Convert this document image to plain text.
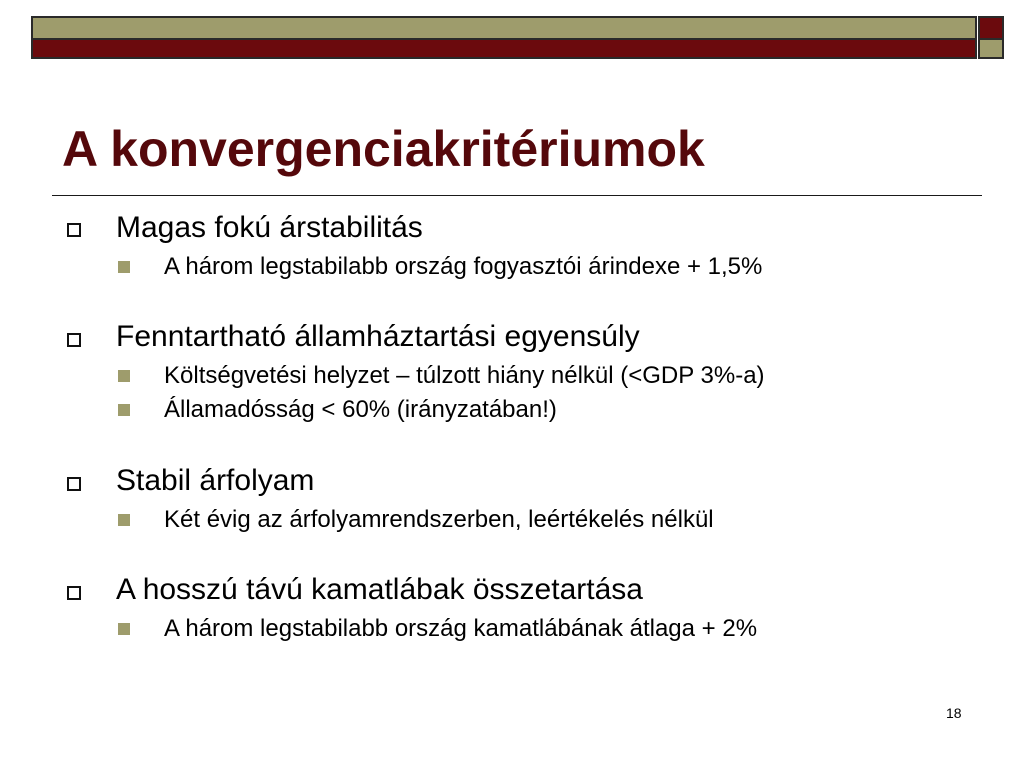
A konvergenciakritériumok
Magas fokú árstabilitás
A három legstabilabb ország fogyasztói árindexe + 1,5%
Fenntartható államháztartási egyensúly
Költségvetési helyzet – túlzott hiány nélkül (<GDP 3%-a)
Államadósság < 60% (irányzatában!)
Stabil árfolyam
Két évig az árfolyamrendszerben, leértékelés nélkül
A hosszú távú kamatlábak összetartása
A három legstabilabb ország kamatlábának átlaga + 2%
18
